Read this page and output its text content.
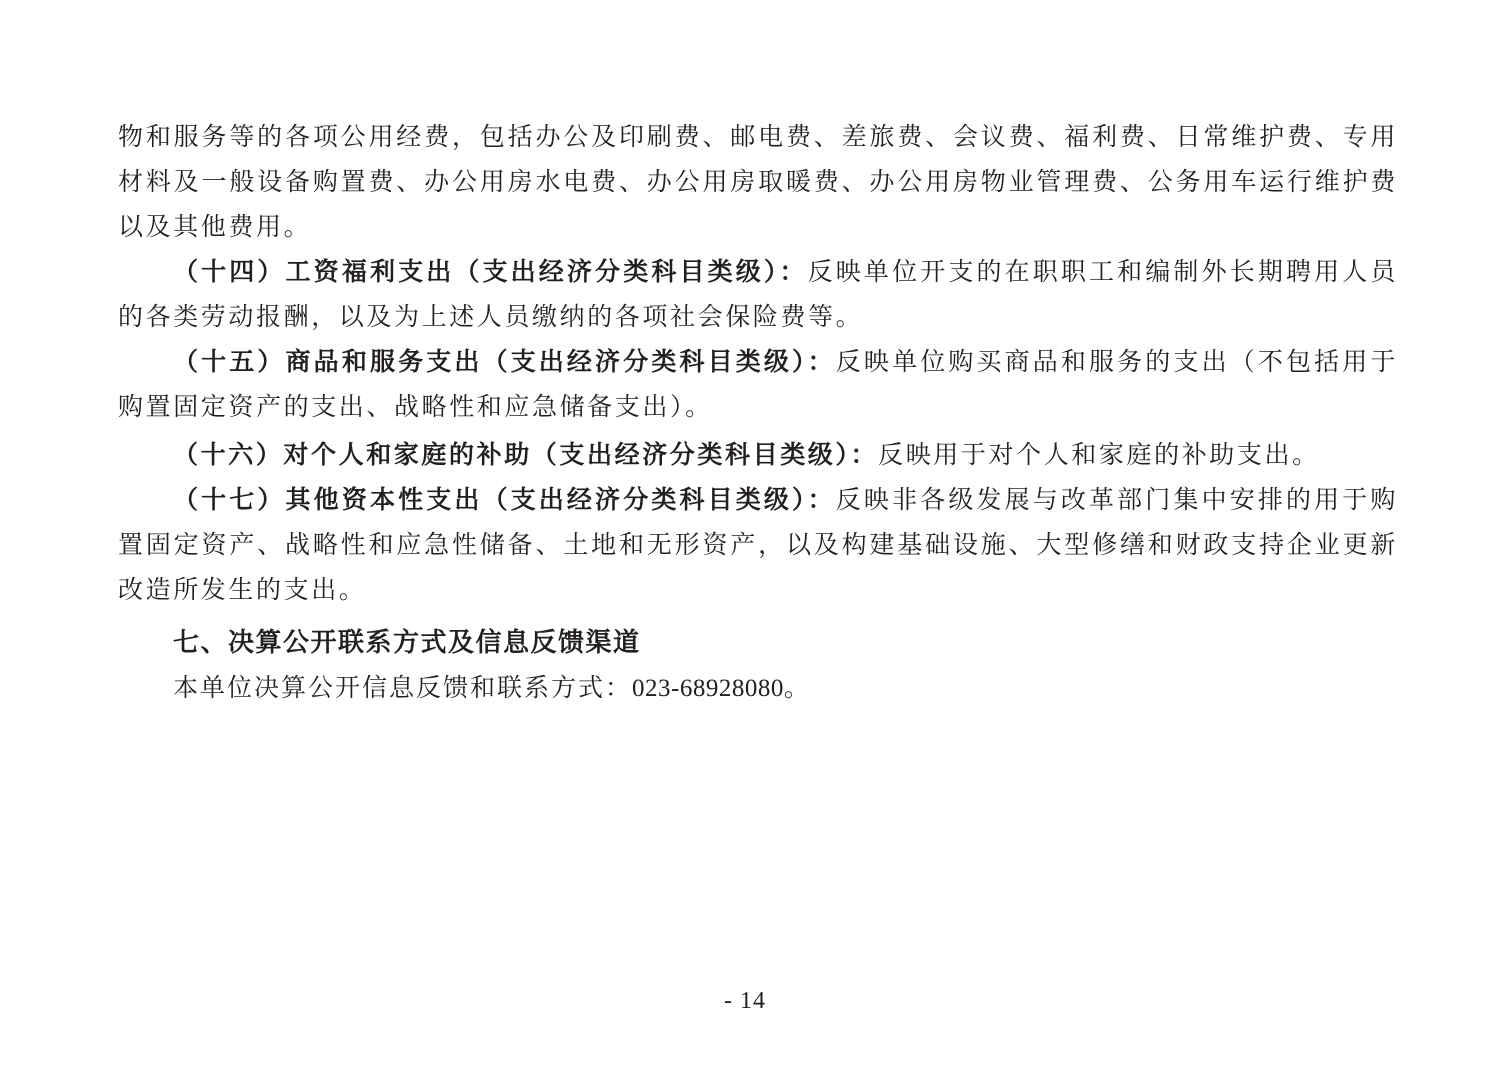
物和服务等的各项公用经费，包括办公及印刷费、邮电费、差旅费、会议费、福利费、日常维护费、专用材料及一般设备购置费、办公用房水电费、办公用房取暖费、办公用房物业管理费、公务用车运行维护费以及其他费用。

（十四）工资福利支出（支出经济分类科目类级）：反映单位开支的在职职工和编制外长期聘用人员的各类劳动报酬，以及为上述人员缴纳的各项社会保险费等。

（十五）商品和服务支出（支出经济分类科目类级）：反映单位购买商品和服务的支出（不包括用于购置固定资产的支出、战略性和应急储备支出）。

（十六）对个人和家庭的补助（支出经济分类科目类级）：反映用于对个人和家庭的补助支出。

（十七）其他资本性支出（支出经济分类科目类级）：反映非各级发展与改革部门集中安排的用于购置固定资产、战略性和应急性储备、土地和无形资产，以及构建基础设施、大型修缮和财政支持企业更新改造所发生的支出。

七、决算公开联系方式及信息反馈渠道

本单位决算公开信息反馈和联系方式：023-68928080。

- 14
